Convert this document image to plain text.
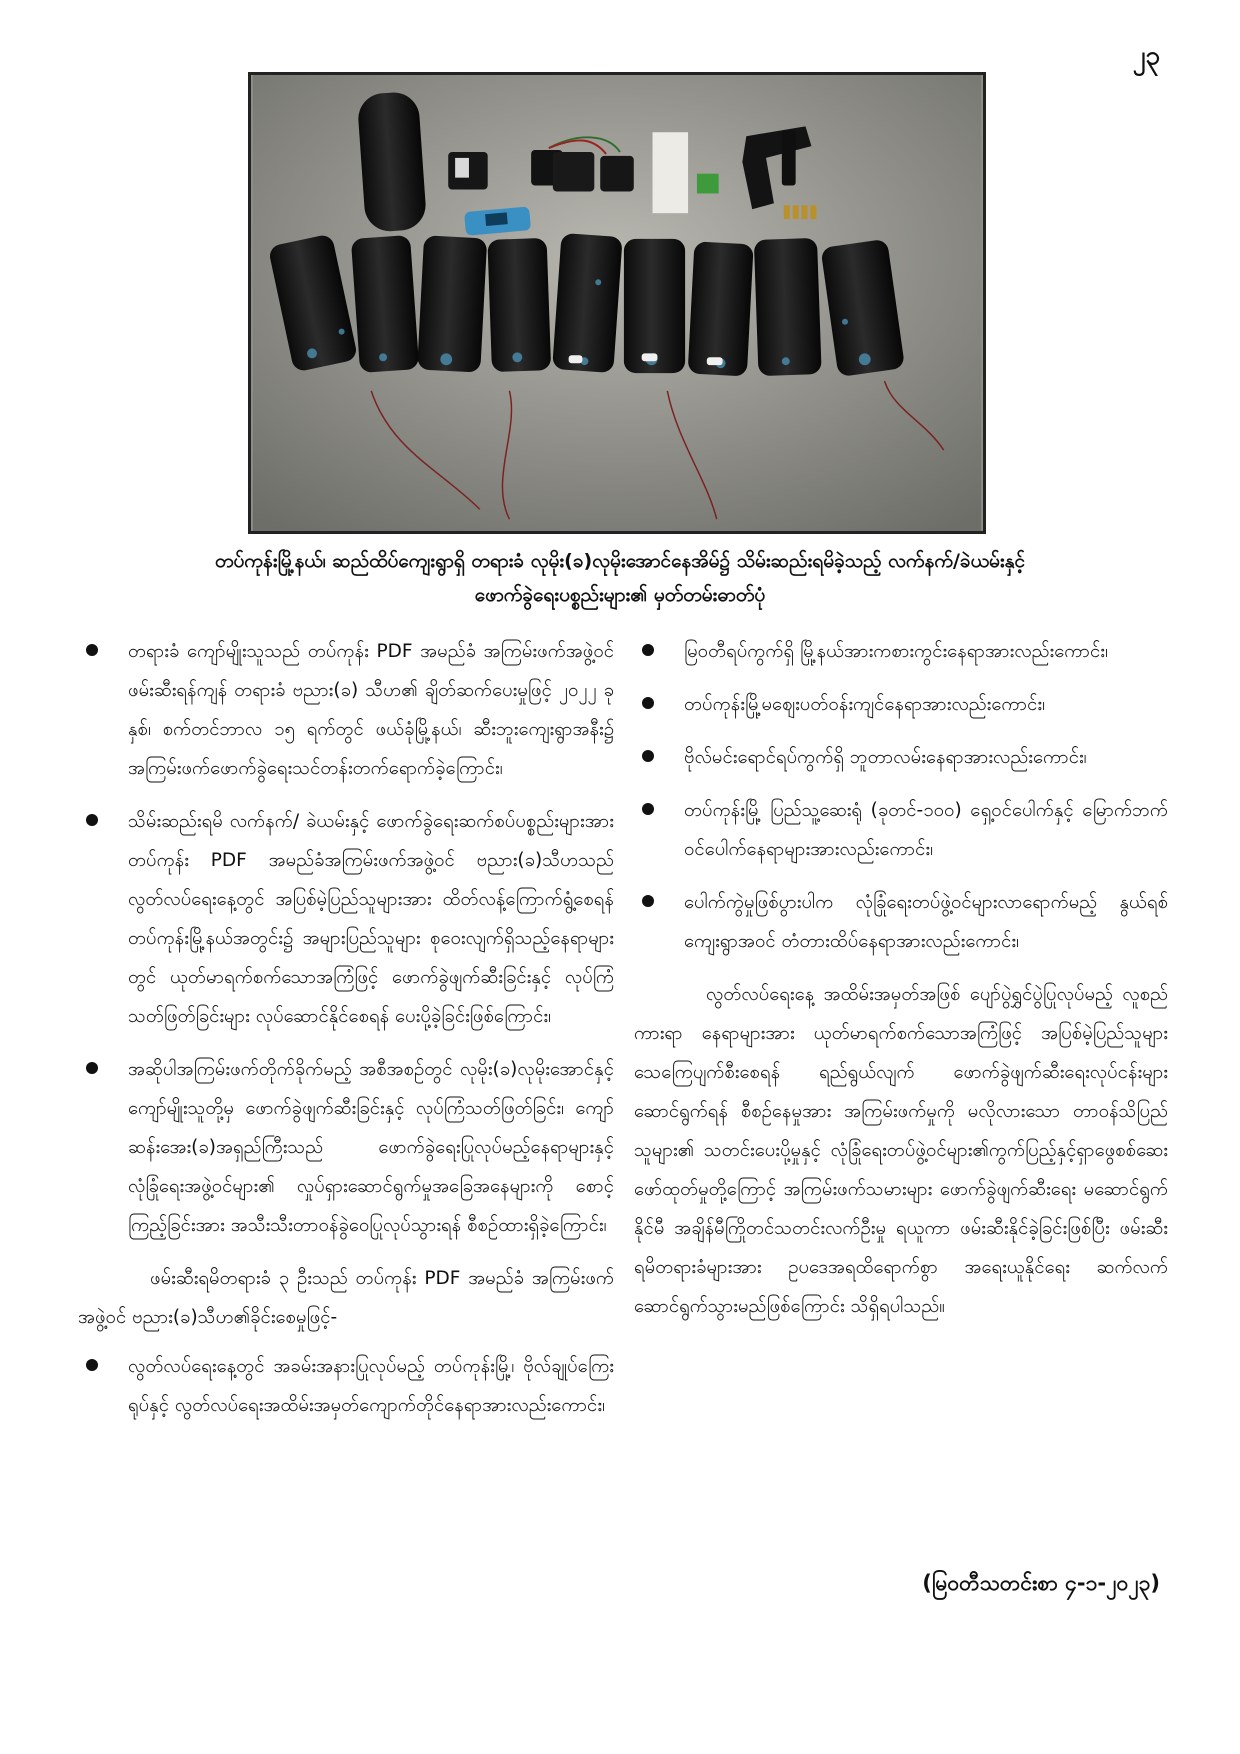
၂၃
တပ်ကုန်းမြို့နယ်၊ ဆည်ထိပ်ကျေးရွာရှိ တရားခံ လုမိုး(ခ)လုမိုးအောင်နေအိမ်၌ သိမ်းဆည်းရမိခဲ့သည့် လက်နက်/ခဲယမ်းနှင့်
ဖောက်ခွဲရေးပစ္စည်းများ၏ မှတ်တမ်းဓာတ်ပုံ
တရားခံ ကျော်မျိုးသူသည် တပ်ကုန်း PDF အမည်ခံ အကြမ်းဖက်အဖွဲ့ဝင် ဖမ်းဆီးရန်ကျန် တရားခံ ဗညား(ခ) သီဟ၏ ချိတ်ဆက်ပေးမှုဖြင့် ၂၀၂၂ ခုနှစ်၊ စက်တင်ဘာလ ၁၅ ရက်တွင် ဖယ်ခုံမြို့နယ်၊ ဆီးဘူးကျေးရွာအနီး၌ အကြမ်းဖက်ဖောက်ခွဲရေးသင်တန်းတက်ရောက်ခဲ့ကြောင်း၊
သိမ်းဆည်းရမိ လက်နက်/ ခဲယမ်းနှင့် ဖောက်ခွဲရေးဆက်စပ်ပစ္စည်းများအား တပ်ကုန်း PDF အမည်ခံအကြမ်းဖက်အဖွဲ့ဝင် ဗညား(ခ)သီဟသည် လွတ်လပ်ရေးနေ့တွင် အပြစ်မဲ့ပြည်သူများအား ထိတ်လန့်ကြောက်ရွံ့စေရန် တပ်ကုန်းမြို့နယ်အတွင်း၌ အများပြည်သူများ စုဝေးလျက်ရှိသည့်နေရာများတွင် ယုတ်မာရက်စက်သောအကြံဖြင့် ဖောက်ခွဲဖျက်ဆီးခြင်းနှင့် လုပ်ကြံသတ်ဖြတ်ခြင်းများ လုပ်ဆောင်နိုင်စေရန် ပေးပို့ခဲ့ခြင်းဖြစ်ကြောင်း၊
အဆိုပါအကြမ်းဖက်တိုက်ခိုက်မည့် အစီအစဉ်တွင် လုမိုး(ခ)လုမိုးအောင်နှင့် ကျော်မျိုးသူတို့မှ ဖောက်ခွဲဖျက်ဆီးခြင်းနှင့် လုပ်ကြံသတ်ဖြတ်ခြင်း၊ ကျော်ဆန်းအေး(ခ)အရှည်ကြီးသည် ဖောက်ခွဲရေးပြုလုပ်မည့်နေရာများနှင့် လုံခြုံရေးအဖွဲ့ဝင်များ၏ လှုပ်ရှားဆောင်ရွက်မှုအခြေအနေများကို စောင့်ကြည့်ခြင်းအား အသီးသီးတာဝန်ခွဲဝေပြုလုပ်သွားရန် စီစဉ်ထားရှိခဲ့ကြောင်း၊

ဖမ်းဆီးရမိတရားခံ ၃ ဦးသည် တပ်ကုန်း PDF အမည်ခံ အကြမ်းဖက်အဖွဲ့ဝင် ဗညား(ခ)သီဟ၏ခိုင်းစေမှုဖြင့်-

လွတ်လပ်ရေးနေ့တွင် အခမ်းအနားပြုလုပ်မည့် တပ်ကုန်းမြို့၊ ဗိုလ်ချုပ်ကြေးရုပ်နှင့် လွတ်လပ်ရေးအထိမ်းအမှတ်ကျောက်တိုင်နေရာအားလည်းကောင်း၊
မြဝတီရပ်ကွက်ရှိ မြို့နယ်အားကစားကွင်းနေရာအားလည်းကောင်း၊
တပ်ကုန်းမြို့မဈေးပတ်ဝန်းကျင်နေရာအားလည်းကောင်း၊
ဗိုလ်မင်းရောင်ရပ်ကွက်ရှိ ဘူတာလမ်းနေရာအားလည်းကောင်း၊
တပ်ကုန်းမြို့ ပြည်သူ့ဆေးရုံ (ခုတင်-၁၀၀) ရှေ့ဝင်ပေါက်နှင့် မြောက်ဘက် ဝင်ပေါက်နေရာများအားလည်းကောင်း၊
ပေါက်ကွဲမှုဖြစ်ပွားပါက လုံခြုံရေးတပ်ဖွဲ့ဝင်များလာရောက်မည့် နွယ်ရစ်ကျေးရွာအဝင် တံတားထိပ်နေရာအားလည်းကောင်း၊

လွတ်လပ်ရေးနေ့ အထိမ်းအမှတ်အဖြစ် ပျော်ပွဲရွှင်ပွဲပြုလုပ်မည့် လူစည်ကားရာ နေရာများအား ယုတ်မာရက်စက်သောအကြံဖြင့် အပြစ်မဲ့ပြည်သူများ သေကြေပျက်စီးစေရန် ရည်ရွယ်လျက် ဖောက်ခွဲဖျက်ဆီးရေးလုပ်ငန်းများ ဆောင်ရွက်ရန် စီစဉ်နေမှုအား အကြမ်းဖက်မှုကို မလိုလားသော တာဝန်သိပြည်သူများ၏ သတင်းပေးပို့မှုနှင့် လုံခြုံရေးတပ်ဖွဲ့ဝင်များ၏ကွက်ပြည့်နှင့်ရှာဖွေစစ်ဆေးဖော်ထုတ်မှုတို့ကြောင့် အကြမ်းဖက်သမားများ ဖောက်ခွဲဖျက်ဆီးရေး မဆောင်ရွက်နိုင်မီ အချိန်မီကြိုတင်သတင်းလက်ဦးမှု ရယူကာ ဖမ်းဆီးနိုင်ခဲ့ခြင်းဖြစ်ပြီး ဖမ်းဆီးရမိတရားခံများအား ဥပဒေအရထိရောက်စွာ အရေးယူနိုင်ရေး ဆက်လက်ဆောင်ရွက်သွားမည်ဖြစ်ကြောင်း သိရှိရပါသည်။

(မြဝတီသတင်းစာ ၄-၁-၂၀၂၃)
